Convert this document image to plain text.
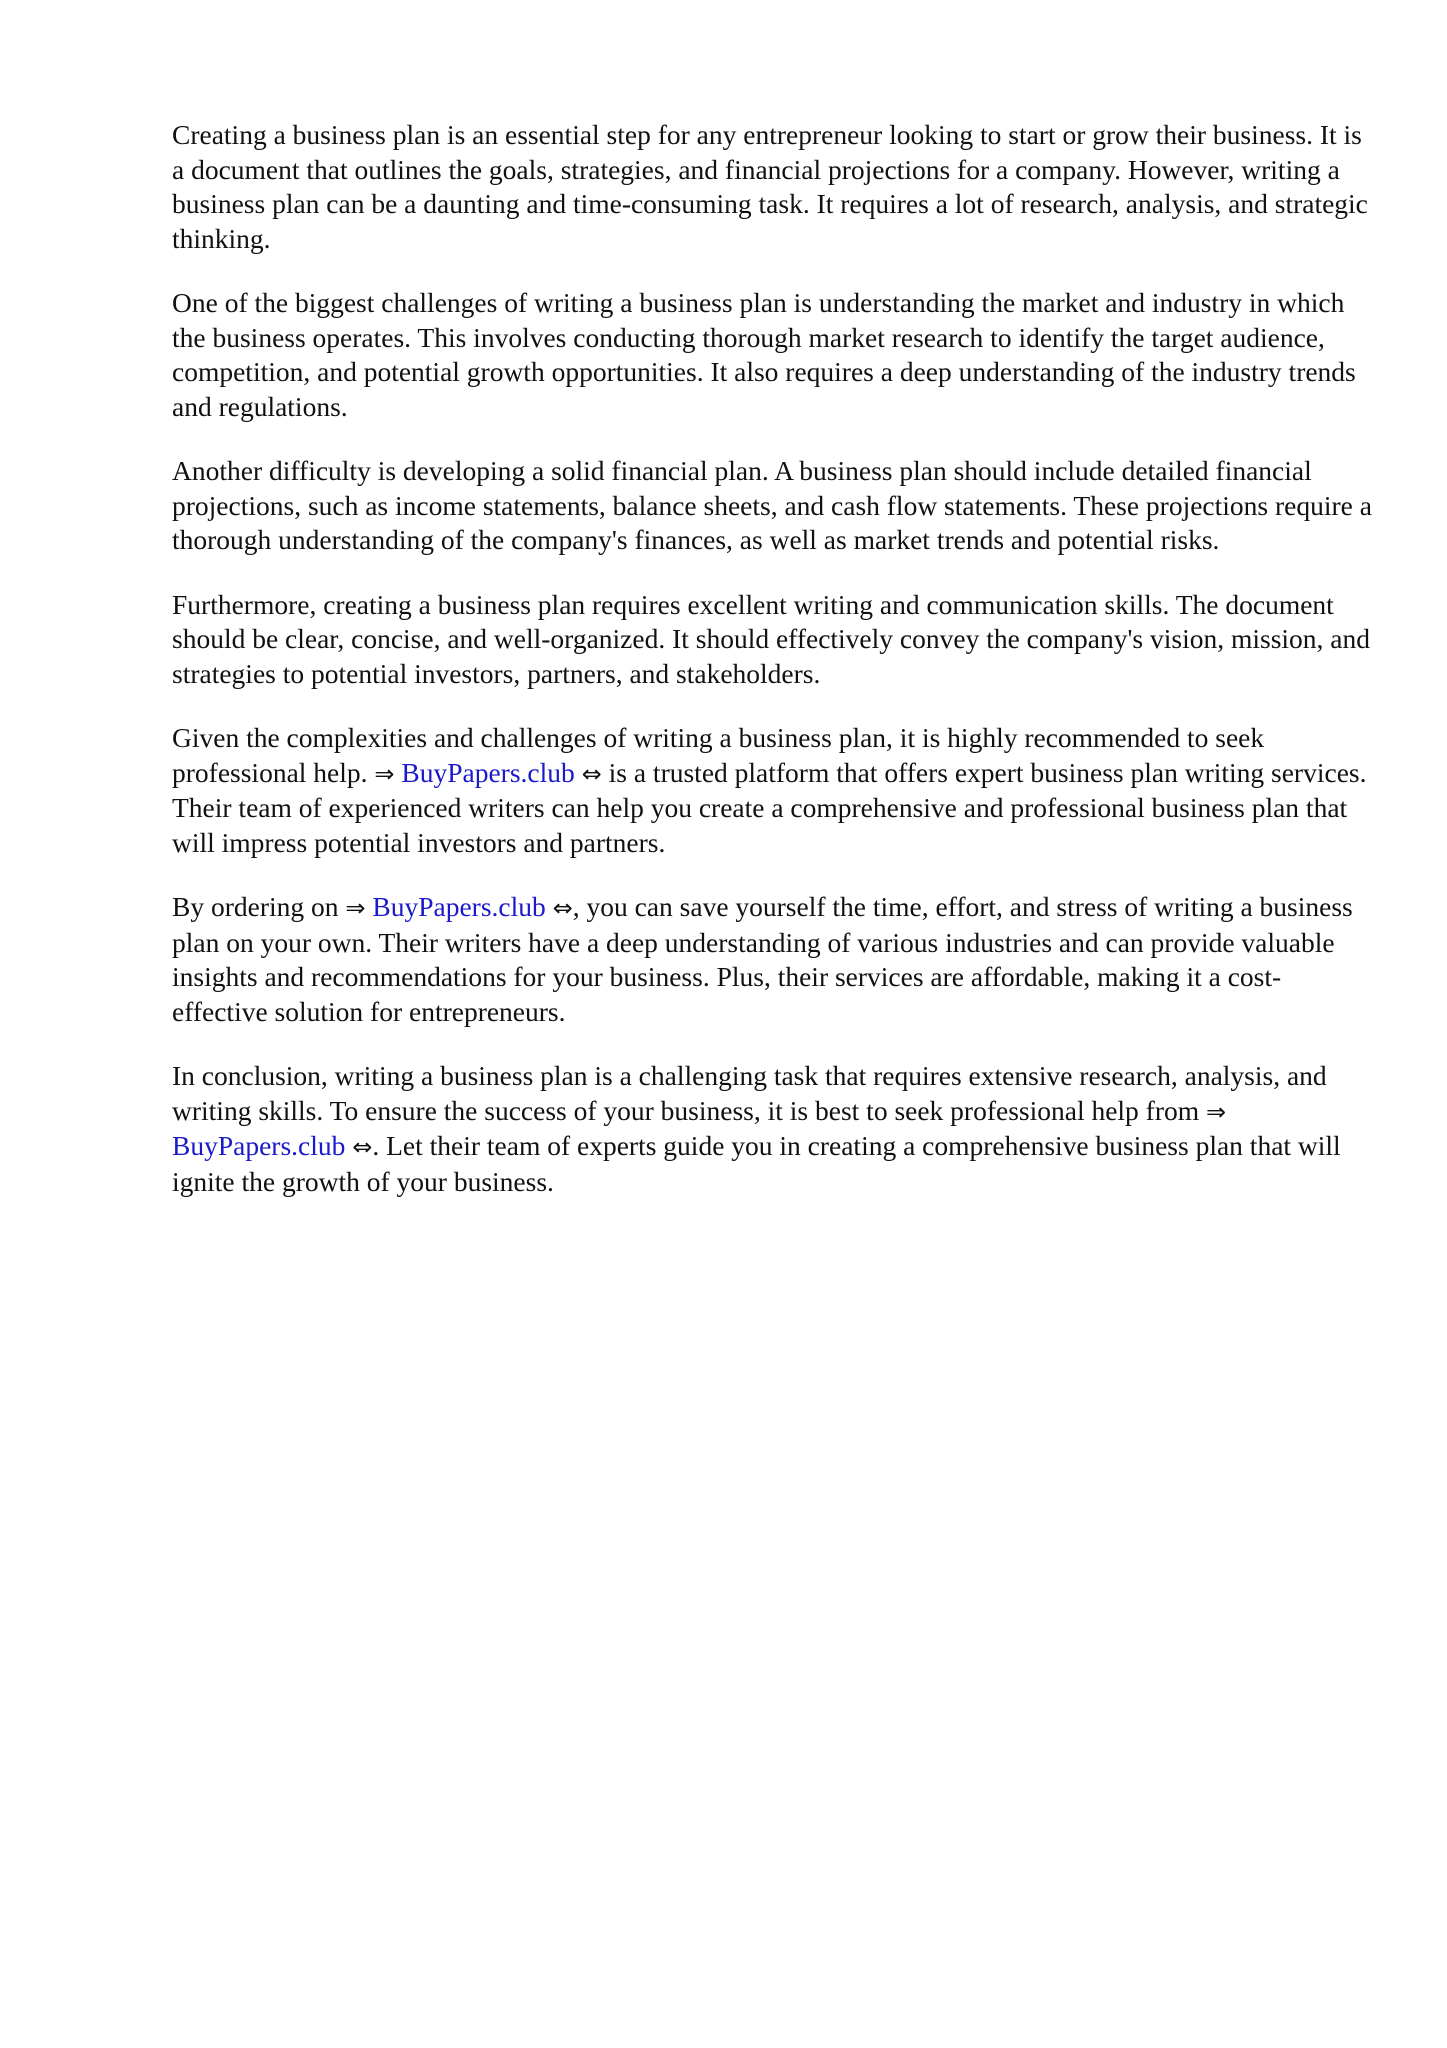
Creating a business plan is an essential step for any entrepreneur looking to start or grow their business. It is a document that outlines the goals, strategies, and financial projections for a company. However, writing a business plan can be a daunting and time-consuming task. It requires a lot of research, analysis, and strategic thinking.

One of the biggest challenges of writing a business plan is understanding the market and industry in which the business operates. This involves conducting thorough market research to identify the target audience, competition, and potential growth opportunities. It also requires a deep understanding of the industry trends and regulations.

Another difficulty is developing a solid financial plan. A business plan should include detailed financial projections, such as income statements, balance sheets, and cash flow statements. These projections require a thorough understanding of the company's finances, as well as market trends and potential risks.

Furthermore, creating a business plan requires excellent writing and communication skills. The document should be clear, concise, and well-organized. It should effectively convey the company's vision, mission, and strategies to potential investors, partners, and stakeholders.

Given the complexities and challenges of writing a business plan, it is highly recommended to seek professional help. ⇒ BuyPapers.club ⇔ is a trusted platform that offers expert business plan writing services. Their team of experienced writers can help you create a comprehensive and professional business plan that will impress potential investors and partners.

By ordering on ⇒ BuyPapers.club ⇔, you can save yourself the time, effort, and stress of writing a business plan on your own. Their writers have a deep understanding of various industries and can provide valuable insights and recommendations for your business. Plus, their services are affordable, making it a cost-effective solution for entrepreneurs.

In conclusion, writing a business plan is a challenging task that requires extensive research, analysis, and writing skills. To ensure the success of your business, it is best to seek professional help from ⇒ BuyPapers.club ⇔. Let their team of experts guide you in creating a comprehensive business plan that will ignite the growth of your business.
